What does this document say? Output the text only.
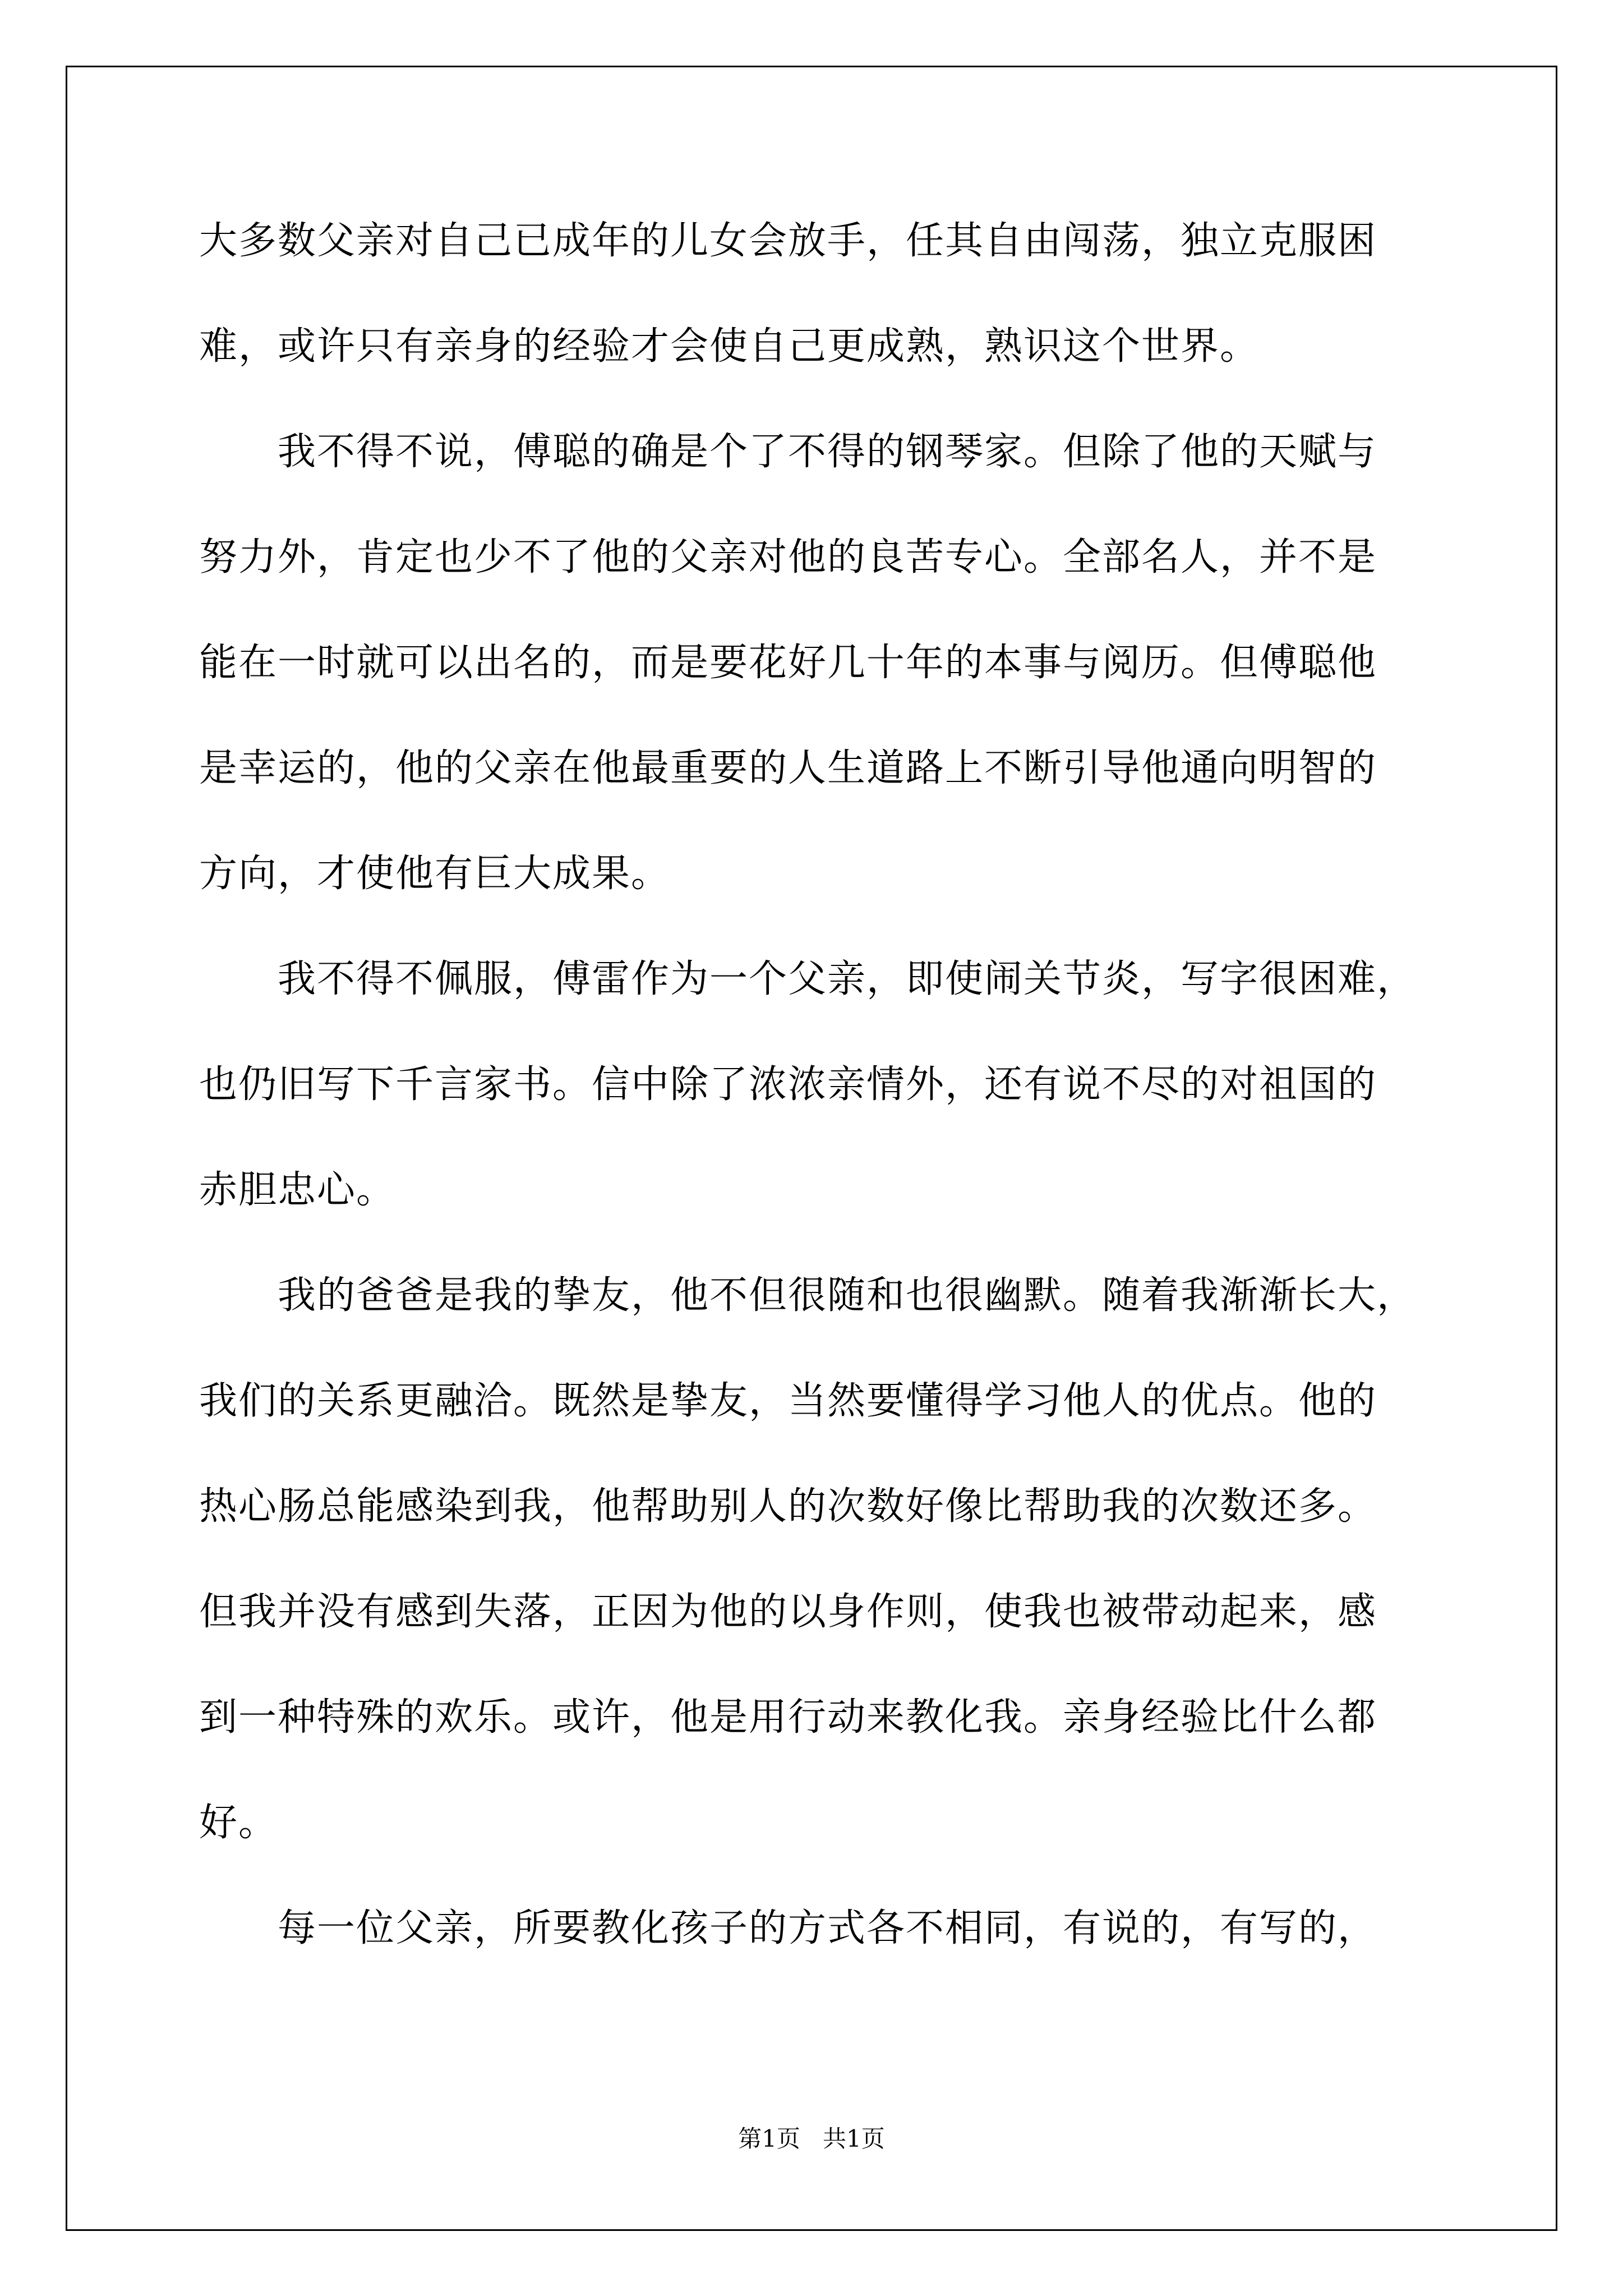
大多数父亲对自己已成年的儿女会放手，任其自由闯荡，独立克服困
难，或许只有亲身的经验才会使自己更成熟，熟识这个世界。
　　我不得不说，傅聪的确是个了不得的钢琴家。但除了他的天赋与
努力外，肯定也少不了他的父亲对他的良苦专心。全部名人，并不是
能在一时就可以出名的，而是要花好几十年的本事与阅历。但傅聪他
是幸运的，他的父亲在他最重要的人生道路上不断引导他通向明智的
方向，才使他有巨大成果。
　　我不得不佩服，傅雷作为一个父亲，即使闹关节炎，写字很困难，
也仍旧写下千言家书。信中除了浓浓亲情外，还有说不尽的对祖国的
赤胆忠心。
　　我的爸爸是我的挚友，他不但很随和也很幽默。随着我渐渐长大，
我们的关系更融洽。既然是挚友，当然要懂得学习他人的优点。他的
热心肠总能感染到我，他帮助别人的次数好像比帮助我的次数还多。
但我并没有感到失落，正因为他的以身作则，使我也被带动起来，感
到一种特殊的欢乐。或许，他是用行动来教化我。亲身经验比什么都
好。
　　每一位父亲，所要教化孩子的方式各不相同，有说的，有写的，
第1页 共1页
